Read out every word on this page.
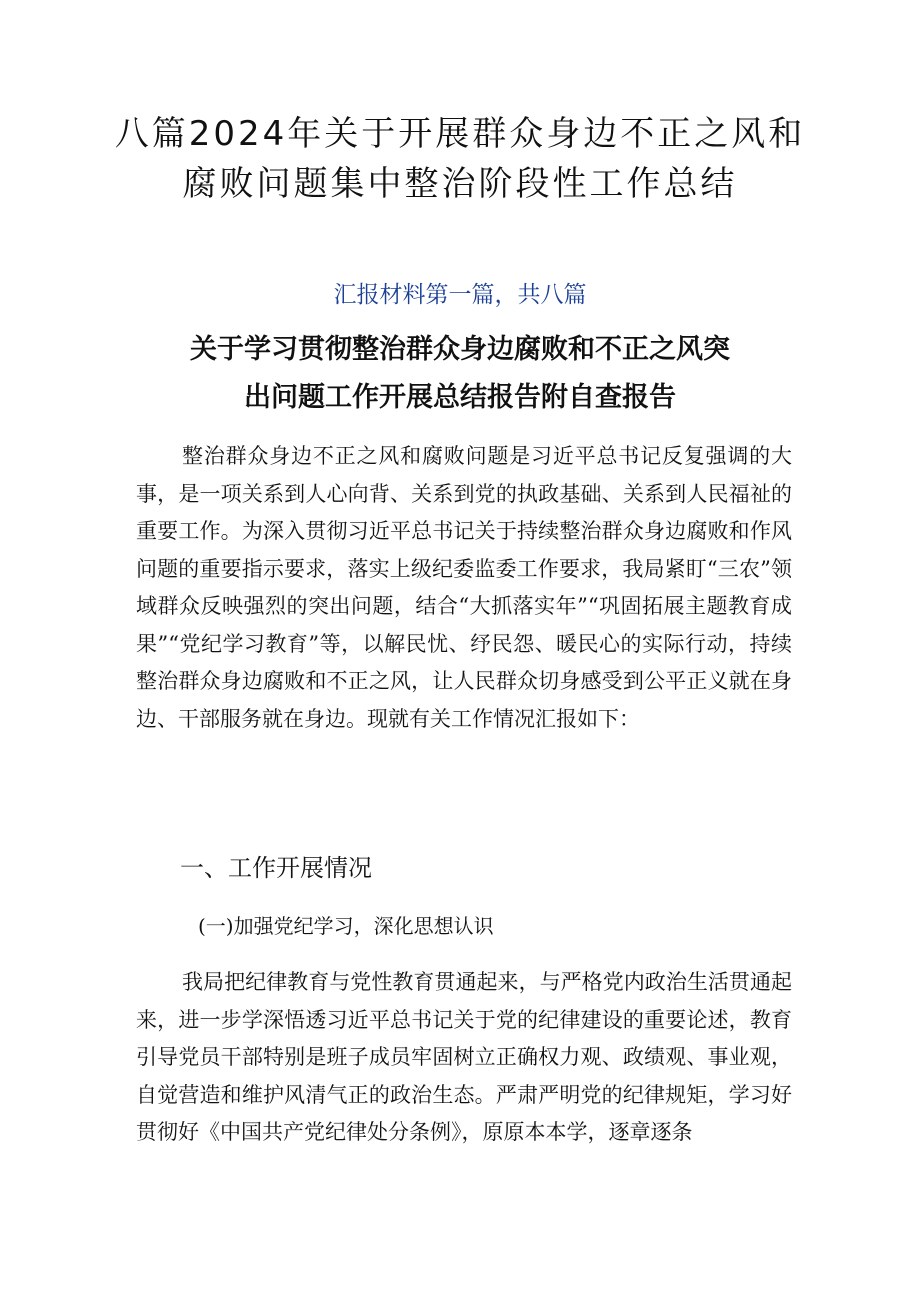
八篇2024年关于开展群众身边不正之风和
腐败问题集中整治阶段性工作总结
汇报材料第一篇，共八篇
关于学习贯彻整治群众身边腐败和不正之风突
出问题工作开展总结报告附自查报告

整治群众身边不正之风和腐败问题是习近平总书记反复强调的大事，是一项关系到人心向背、关系到党的执政基础、关系到人民福祉的重要工作。为深入贯彻习近平总书记关于持续整治群众身边腐败和作风问题的重要指示要求，落实上级纪委监委工作要求，我局紧盯“三农”领域群众反映强烈的突出问题，结合“大抓落实年”“巩固拓展主题教育成果”“党纪学习教育”等，以解民忧、纾民怨、暖民心的实际行动，持续整治群众身边腐败和不正之风，让人民群众切身感受到公平正义就在身边、干部服务就在身边。现就有关工作情况汇报如下：

一、工作开展情况
(一)加强党纪学习，深化思想认识

我局把纪律教育与党性教育贯通起来，与严格党内政治生活贯通起来，进一步学深悟透习近平总书记关于党的纪律建设的重要论述，教育引导党员干部特别是班子成员牢固树立正确权力观、政绩观、事业观，自觉营造和维护风清气正的政治生态。严肃严明党的纪律规矩，学习好贯彻好《中国共产党纪律处分条例》，原原本本学，逐章逐条
